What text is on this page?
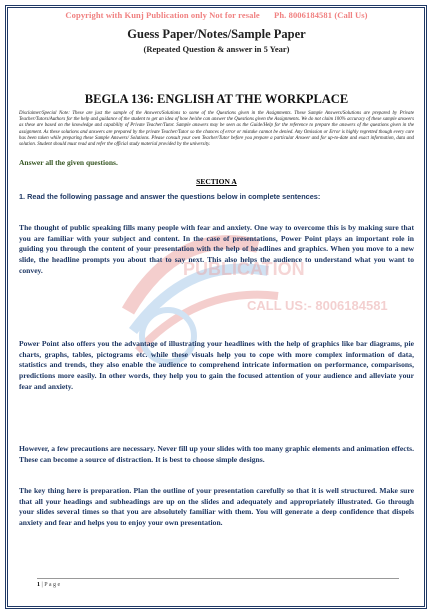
PUBLICATION
CALL US:- 8006184581
Copyright with Kunj Publication only Not for resale Ph. 8006184581 (Call Us)
Guess Paper/Notes/Sample Paper
(Repeated Question & answer in 5 Year)
BEGLA 136: ENGLISH AT THE WORKPLACE
Disclaimer/Special Note: These are just the sample of the Answers/Solutions to some of the Questions given in the Assignments. These Sample Answers/Solutions are prepared by Private Teacher/Tutors/Authors for the help and guidance of the student to get an idea of how he/she can answer the Questions given the Assignments. We do not claim 100% accuracy of these sample answers as these are based on the knowledge and capability of Private Teacher/Tutor. Sample answers may be seen as the Guide/Help for the reference to prepare the answers of the questions given in the assignment. As these solutions and answers are prepared by the private Teacher/Tutor so the chances of error or mistake cannot be denied. Any Omission or Error is highly regretted though every care has been taken while preparing these Sample Answers/ Solutions. Please consult your own Teacher/Tutor before you prepare a particular Answer and for up-to-date and exact information, data and solution. Student should must read and refer the official study material provided by the university.
Answer all the given questions.
SECTION A
1. Read the following passage and answer the questions below in complete sentences:
The thought of public speaking fills many people with fear and anxiety. One way to overcome this is by making sure that you are familiar with your subject and content. In the case of presentations, Power Point plays an important role in guiding you through the content of your presentation with the help of headlines and graphics. When you move to a new slide, the headline prompts you about that to say next. This also helps the audience to understand what you want to convey.
Power Point also offers you the advantage of illustrating your headlines with the help of graphics like bar diagrams, pie charts, graphs, tables, pictograms etc. while these visuals help you to cope with more complex information of data, statistics and trends, they also enable the audience to comprehend intricate information on performance, comparisons, predictions more easily. In other words, they help you to gain the focused attention of your audience and alleviate your fear and anxiety.
However, a few precautions are necessary. Never fill up your slides with too many graphic elements and animation effects. These can become a source of distraction. It is best to choose simple designs.
The key thing here is preparation. Plan the outline of your presentation carefully so that it is well structured. Make sure that all your headings and subheadings are up on the slides and adequately and appropriately illustrated. Go through your slides several times so that you are absolutely familiar with them. You will generate a deep confidence that dispels anxiety and fear and helps you to enjoy your own presentation.
1 | P a g e
